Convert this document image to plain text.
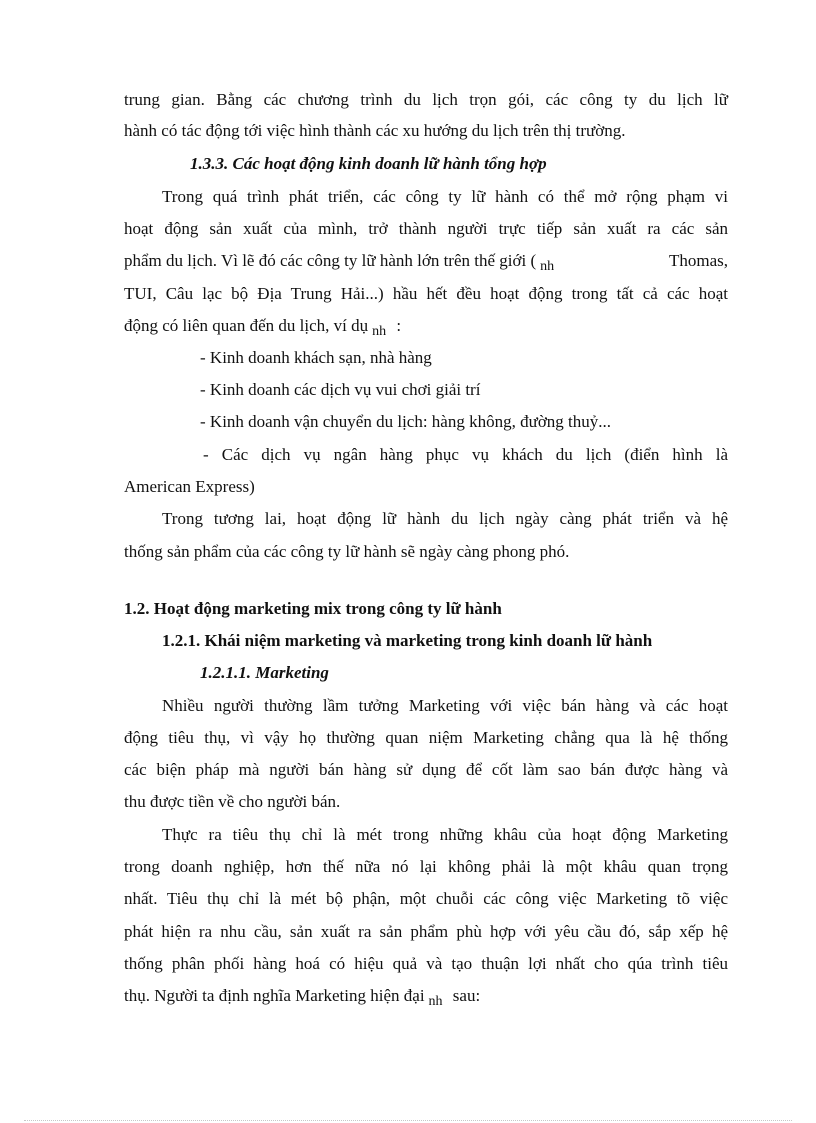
trung gian. Bằng các chương trình du lịch trọn gói, các công ty du lịch lữ
hành có tác động tới việc hình thành các xu hướng du lịch trên thị trường.
1.3.3. Các hoạt động kinh doanh lữ hành tổng hợp
Trong quá trình phát triển, các công ty lữ hành có thể mở rộng phạm vi
hoạt động sản xuất của mình, trở thành người trực tiếp sản xuất ra các sản
phẩm du lịch. Vì lẽ đó các công ty lữ hành lớn trên thế giới ( $_{nh}$	Thomas,
TUI, Câu lạc bộ Địa Trung Hải...) hầu hết đều hoạt động trong tất cả các hoạt
động có liên quan đến du lịch, ví dụ $_{nh}$ :
- Kinh doanh khách sạn, nhà hàng
- Kinh doanh các dịch vụ vui chơi giải trí
- Kinh doanh vận chuyển du lịch: hàng không, đường thuỷ...
- Các dịch vụ ngân hàng phục vụ khách du lịch (điển hình là
American Express)
Trong tương lai, hoạt động lữ hành du lịch ngày càng phát triển và hệ
thống sản phẩm của các công ty lữ hành sẽ ngày càng phong phó.
1.2. Hoạt động marketing mix trong công ty lữ hành
1.2.1. Khái niệm marketing và marketing trong kinh doanh lữ hành
1.2.1.1. Marketing
Nhiều người thường lầm tưởng Marketing với việc bán hàng và các hoạt
động tiêu thụ, vì vậy họ thường quan niệm Marketing chẳng qua là hệ thống
các biện pháp mà người bán hàng sử dụng để cốt làm sao bán được hàng và
thu được tiền về cho người bán.
Thực ra tiêu thụ chỉ là mét trong những khâu của hoạt động Marketing
trong doanh nghiệp, hơn thế nữa nó lại không phải là một khâu quan trọng
nhất. Tiêu thụ chỉ là mét bộ phận, một chuỗi các công việc Marketing tõ việc
phát hiện ra nhu cầu, sản xuất ra sản phẩm phù hợp với yêu cầu đó, sắp xếp hệ
thống phân phối hàng hoá có hiệu quả và tạo thuận lợi nhất cho qúa trình tiêu
thụ. Người ta định nghĩa Marketing hiện đại $_{nh}$ sau:
